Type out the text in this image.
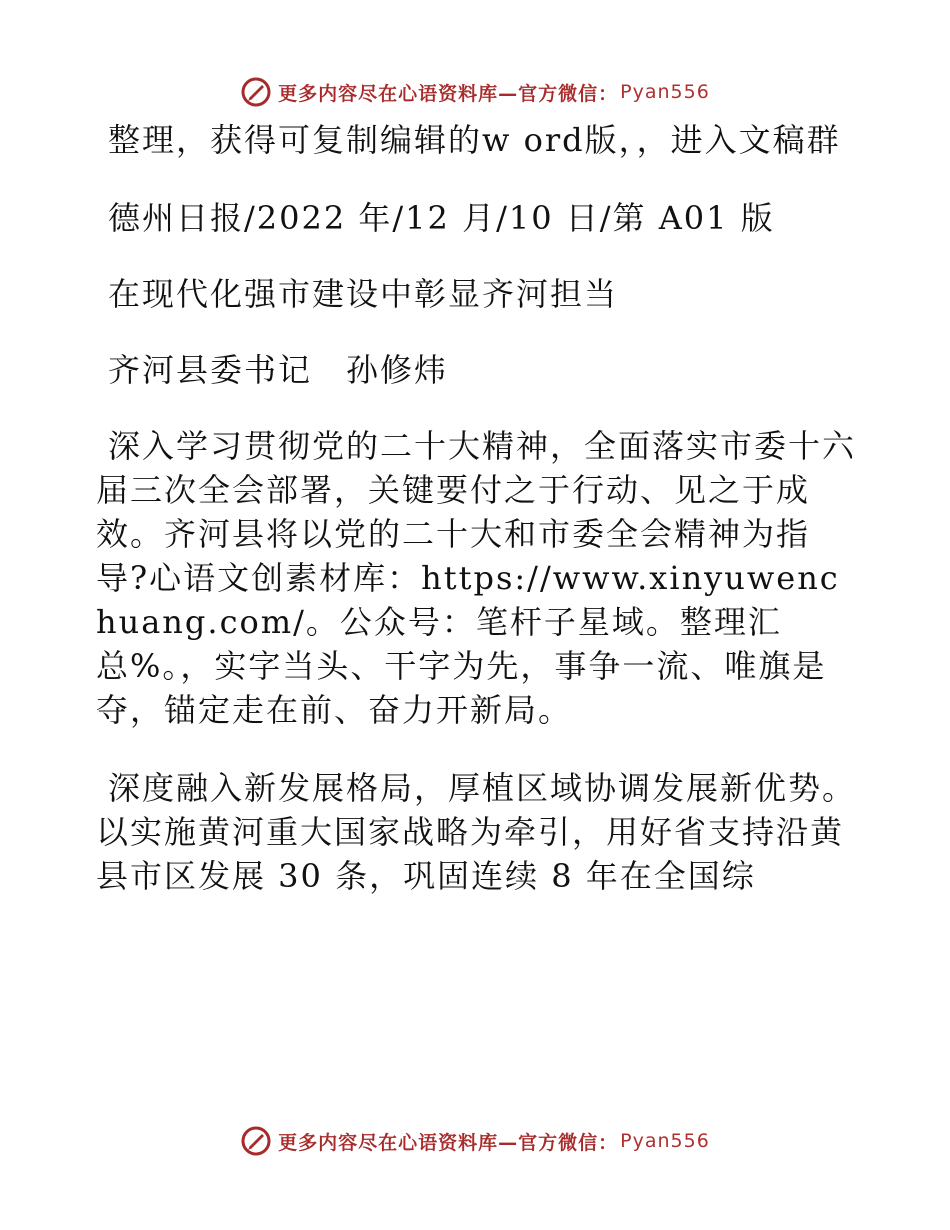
更多内容尽在心语资料库—官方微信： Pyan556

整理，获得可复制编辑的w ord版，，进入文稿群

德州日报/2022 年/12 月/10 日/第 A01 版

在现代化强市建设中彰显齐河担当

齐河县委书记　孙修炜

深入学习贯彻党的二十大精神，全面落实市委十六届三次全会部署，关键要付之于行动、见之于成效。齐河县将以党的二十大和市委全会精神为指导?心语文创素材库：https://www.xinyuwenchuang.com/。公众号：笔杆子星域。整理汇总%。，实字当头、干字为先，事争一流、唯旗是夺，锚定走在前、奋力开新局。

深度融入新发展格局，厚植区域协调发展新优势。以实施黄河重大国家战略为牵引，用好省支持沿黄县市区发展 30 条，巩固连续 8 年在全国综

更多内容尽在心语资料库—官方微信： Pyan556
